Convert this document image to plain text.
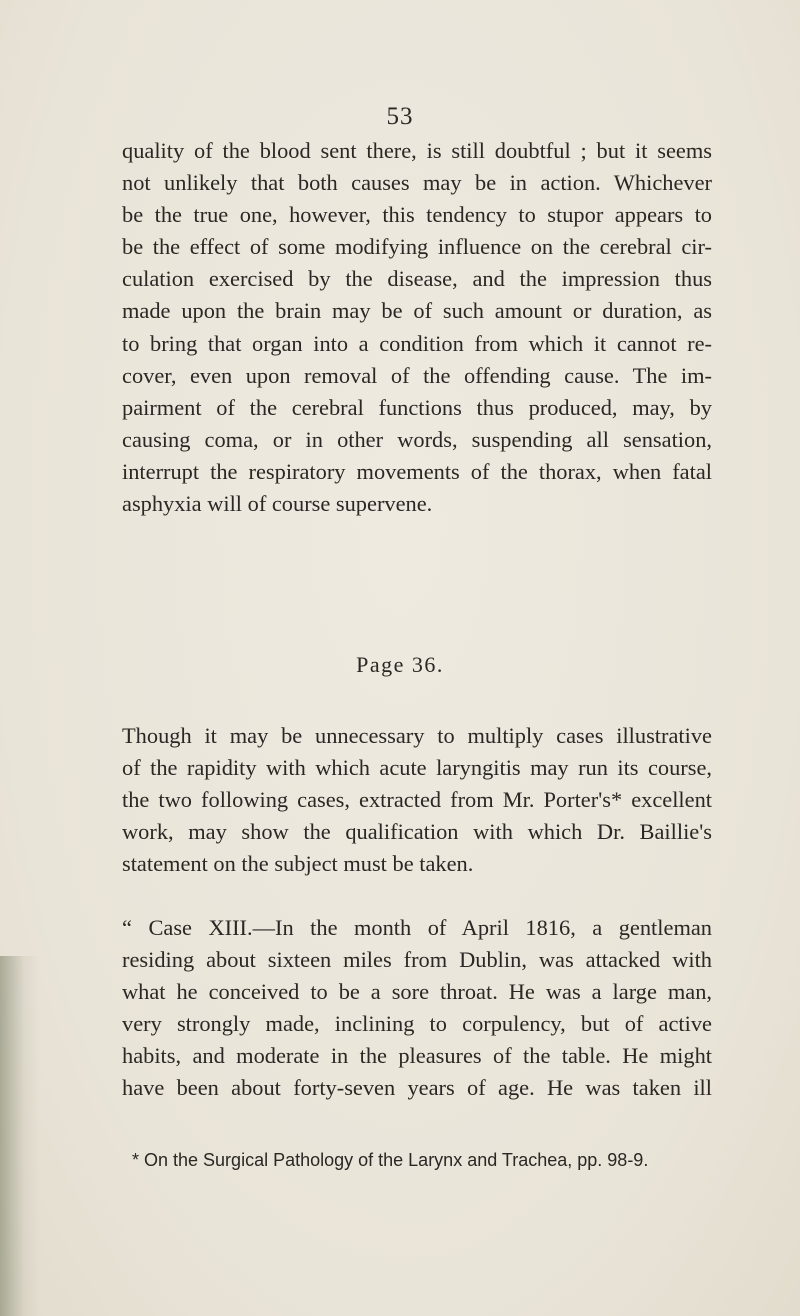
53
quality of the blood sent there, is still doubtful ; but it seems
not unlikely that both causes may be in action. Whichever
be the true one, however, this tendency to stupor appears to
be the effect of some modifying influence on the cerebral cir-
culation exercised by the disease, and the impression thus
made upon the brain may be of such amount or duration, as
to bring that organ into a condition from which it cannot re-
cover, even upon removal of the offending cause. The im-
pairment of the cerebral functions thus produced, may, by
causing coma, or in other words, suspending all sensation,
interrupt the respiratory movements of the thorax, when fatal
asphyxia will of course supervene.
Page 36.
Though it may be unnecessary to multiply cases illustrative
of the rapidity with which acute laryngitis may run its course,
the two following cases, extracted from Mr. Porter's* excellent
work, may show the qualification with which Dr. Baillie's
statement on the subject must be taken.
“ Case XIII.—In the month of April 1816, a gentleman
residing about sixteen miles from Dublin, was attacked with
what he conceived to be a sore throat. He was a large man,
very strongly made, inclining to corpulency, but of active
habits, and moderate in the pleasures of the table. He might
have been about forty-seven years of age. He was taken ill
* On the Surgical Pathology of the Larynx and Trachea, pp. 98-9.
